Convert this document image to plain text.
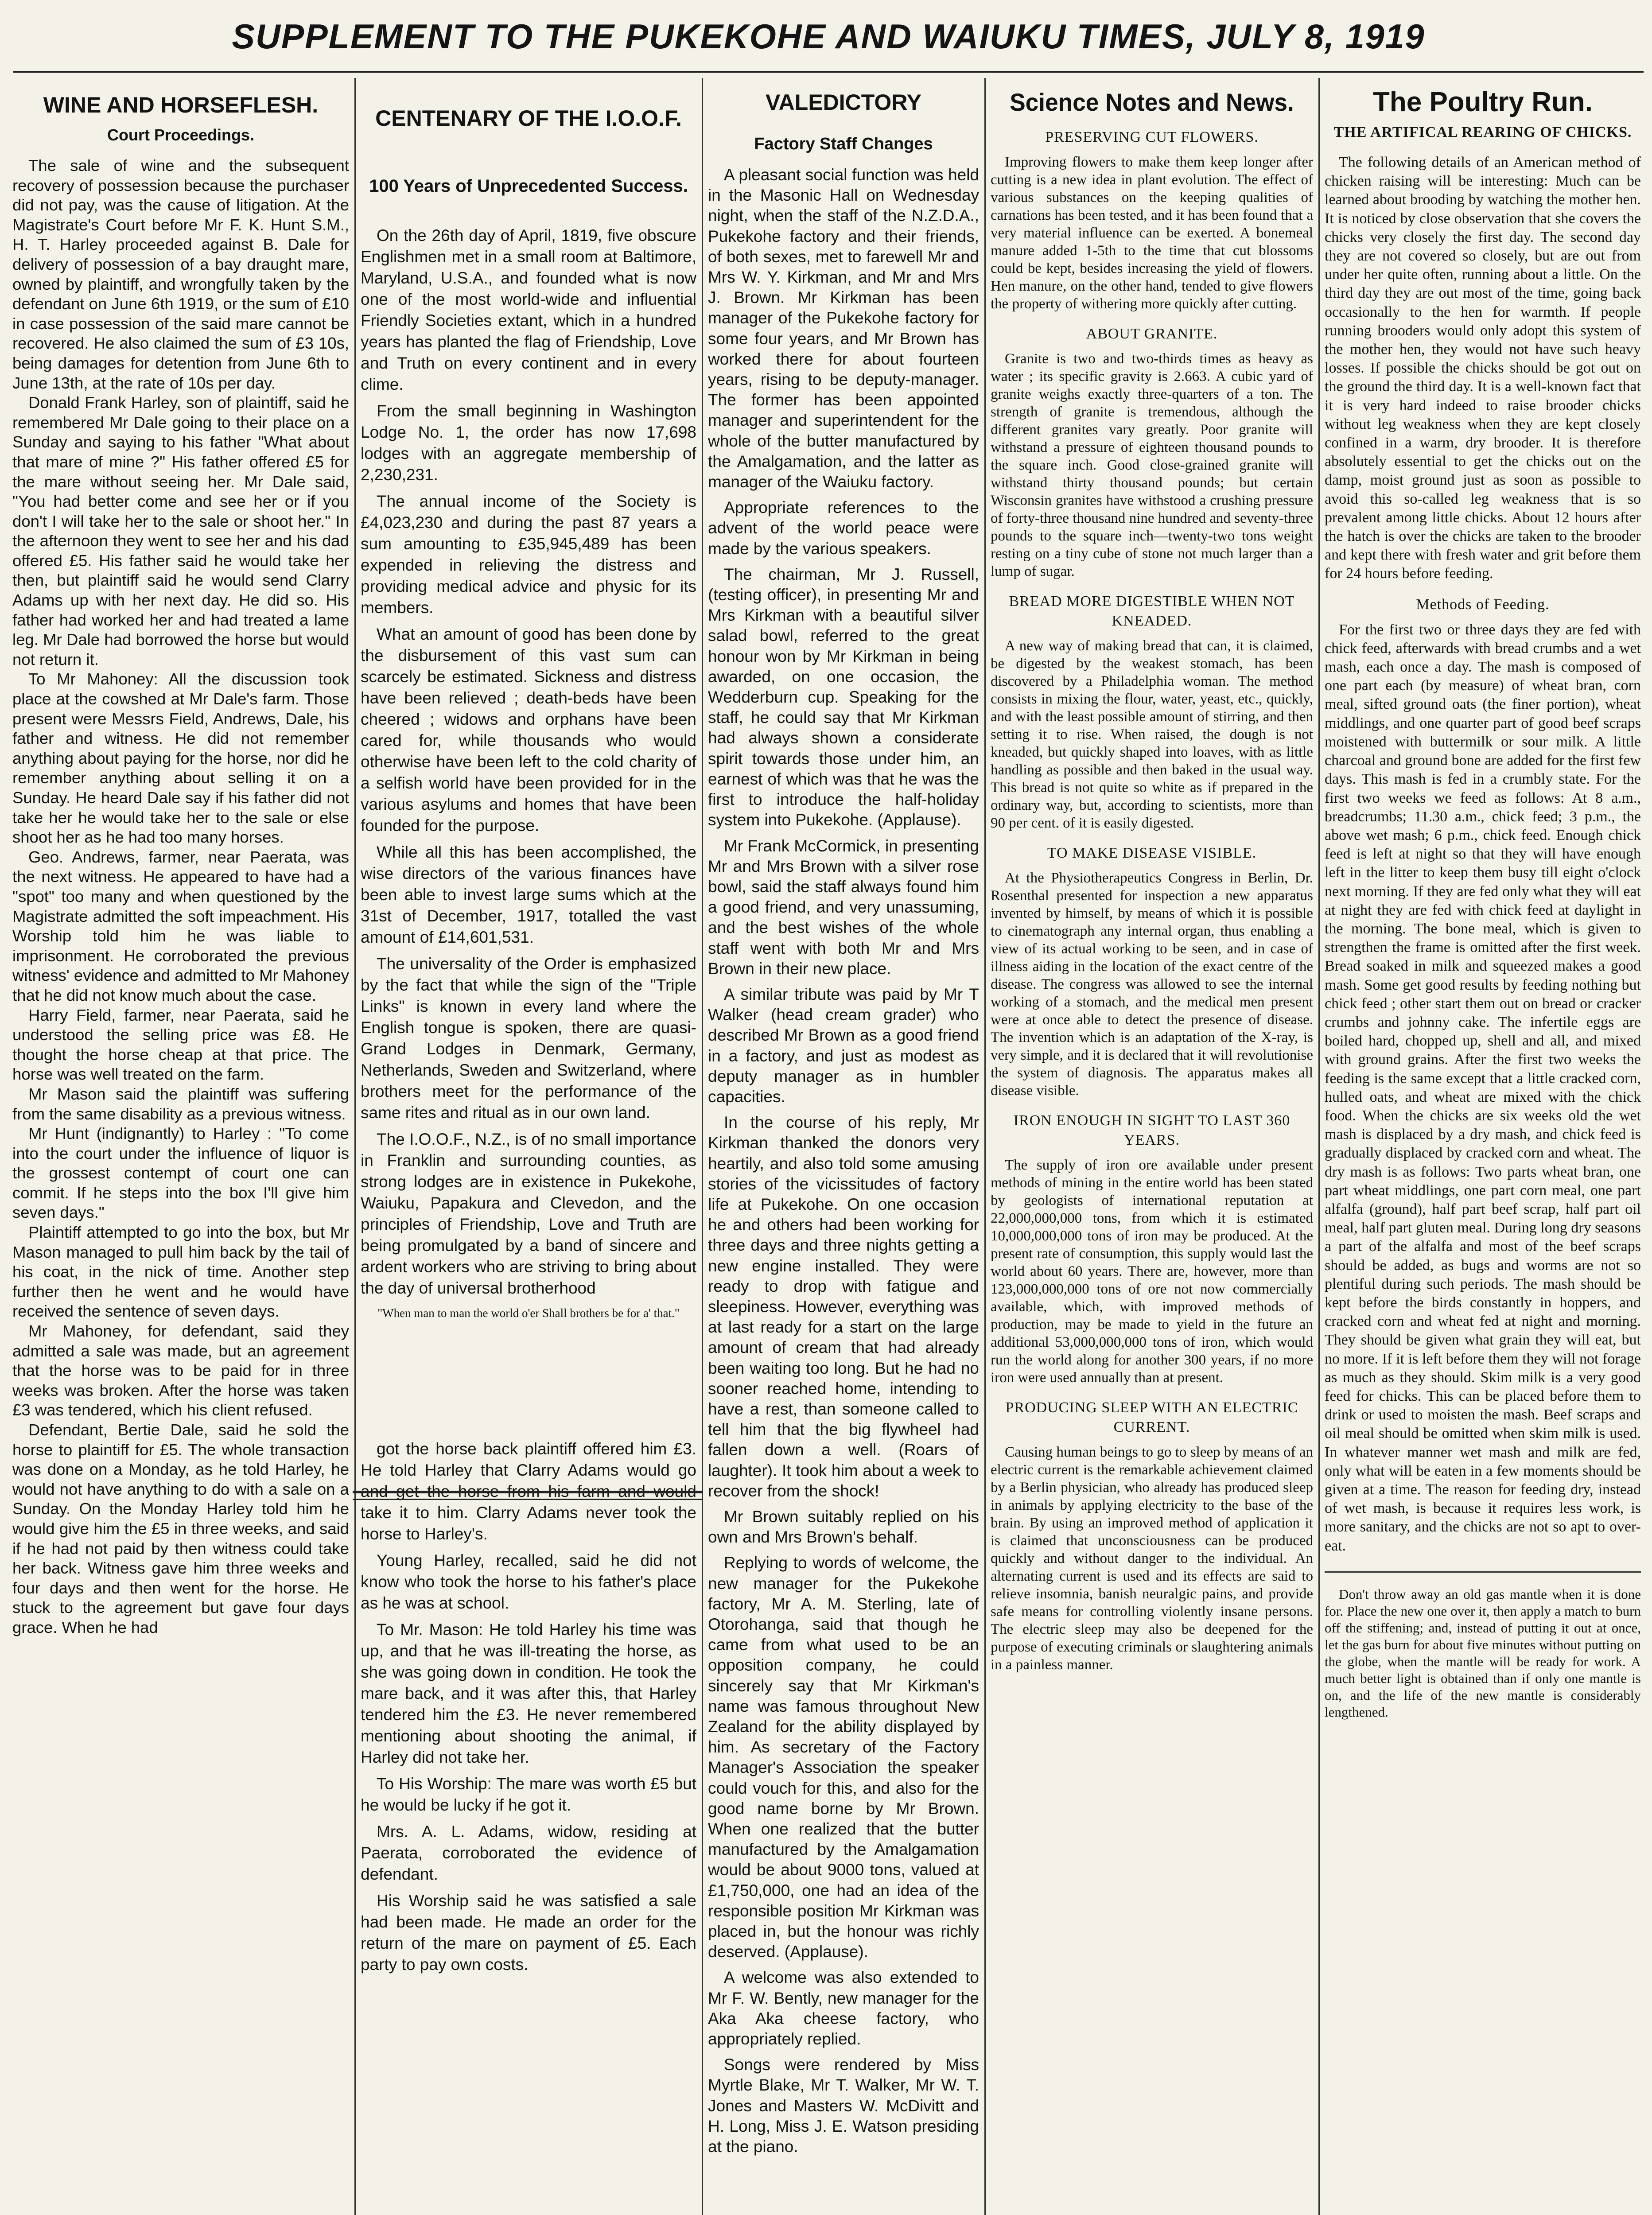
SUPPLEMENT TO THE PUKEKOHE AND WAIUKU TIMES, JULY 8, 1919
WINE AND HORSEFLESH.
Court Proceedings.

The sale of wine and the subsequent recovery of possession because the purchaser did not pay, was the cause of litigation. At the Magistrate's Court before Mr F. K. Hunt S.M., H. T. Harley proceeded against B. Dale for delivery of possession of a bay draught mare, owned by plaintiff, and wrongfully taken by the defendant on June 6th 1919, or the sum of £10 in case possession of the said mare cannot be recovered. He also claimed the sum of £3 10s, being damages for detention from June 6th to June 13th, at the rate of 10s per day.

Donald Frank Harley, son of plaintiff, said he remembered Mr Dale going to their place on a Sunday and saying to his father "What about that mare of mine ?" His father offered £5 for the mare without seeing her. Mr Dale said, "You had better come and see her or if you don't I will take her to the sale or shoot her." In the afternoon they went to see her and his dad offered £5. His father said he would take her then, but plaintiff said he would send Clarry Adams up with her next day. He did so. His father had worked her and had treated a lame leg. Mr Dale had borrowed the horse but would not return it.

To Mr Mahoney: All the discussion took place at the cowshed at Mr Dale's farm. Those present were Messrs Field, Andrews, Dale, his father and witness. He did not remember anything about paying for the horse, nor did he remember anything about selling it on a Sunday. He heard Dale say if his father did not take her he would take her to the sale or else shoot her as he had too many horses.

Geo. Andrews, farmer, near Paerata, was the next witness. He appeared to have had a "spot" too many and when questioned by the Magistrate admitted the soft impeachment. His Worship told him he was liable to imprisonment. He corroborated the previous witness' evidence and admitted to Mr Mahoney that he did not know much about the case.

Harry Field, farmer, near Paerata, said he understood the selling price was £8. He thought the horse cheap at that price. The horse was well treated on the farm.

Mr Mason said the plaintiff was suffering from the same disability as a previous witness.

Mr Hunt (indignantly) to Harley : "To come into the court under the influence of liquor is the grossest contempt of court one can commit. If he steps into the box I'll give him seven days."

Plaintiff attempted to go into the box, but Mr Mason managed to pull him back by the tail of his coat, in the nick of time. Another step further then he went and he would have received the sentence of seven days.

Mr Mahoney, for defendant, said they admitted a sale was made, but an agreement that the horse was to be paid for in three weeks was broken. After the horse was taken £3 was tendered, which his client refused.

Defendant, Bertie Dale, said he sold the horse to plaintiff for £5. The whole transaction was done on a Monday, as he told Harley, he would not have anything to do with a sale on a Sunday. On the Monday Harley told him he would give him the £5 in three weeks, and said if he had not paid by then witness could take her back. Witness gave him three weeks and four days and then went for the horse. He stuck to the agreement but gave four days grace. When he had

CENTENARY OF THE I.O.O.F.
100 Years of Unprecedented Success.

On the 26th day of April, 1819, five obscure Englishmen met in a small room at Baltimore, Maryland, U.S.A., and founded what is now one of the most world-wide and influential Friendly Societies extant, which in a hundred years has planted the flag of Friendship, Love and Truth on every continent and in every clime.

From the small beginning in Washington Lodge No. 1, the order has now 17,698 lodges with an aggregate membership of 2,230,231.

The annual income of the Society is £4,023,230 and during the past 87 years a sum amounting to £35,945,489 has been expended in relieving the distress and providing medical advice and physic for its members.

What an amount of good has been done by the disbursement of this vast sum can scarcely be estimated. Sickness and distress have been relieved ; death-beds have been cheered ; widows and orphans have been cared for, while thousands who would otherwise have been left to the cold charity of a selfish world have been provided for in the various asylums and homes that have been founded for the purpose.

While all this has been accomplished, the wise directors of the various finances have been able to invest large sums which at the 31st of December, 1917, totalled the vast amount of £14,601,531.

The universality of the Order is emphasized by the fact that while the sign of the "Triple Links" is known in every land where the English tongue is spoken, there are quasi-Grand Lodges in Denmark, Germany, Netherlands, Sweden and Switzerland, where brothers meet for the performance of the same rites and ritual as in our own land.

The I.O.O.F., N.Z., is of no small importance in Franklin and surrounding counties, as strong lodges are in existence in Pukekohe, Waiuku, Papakura and Clevedon, and the principles of Friendship, Love and Truth are being promulgated by a band of sincere and ardent workers who are striving to bring about the day of universal brotherhood

"When man to man the world o'er Shall brothers be for a' that."

got the horse back plaintiff offered him £3. He told Harley that Clarry Adams would go and get the horse from his farm and would take it to him. Clarry Adams never took the horse to Harley's.

Young Harley, recalled, said he did not know who took the horse to his father's place as he was at school.

To Mr. Mason: He told Harley his time was up, and that he was ill-treating the horse, as she was going down in condition. He took the mare back, and it was after this, that Harley tendered him the £3. He never remembered mentioning about shooting the animal, if Harley did not take her.

To His Worship: The mare was worth £5 but he would be lucky if he got it.

Mrs. A. L. Adams, widow, residing at Paerata, corroborated the evidence of defendant.

His Worship said he was satisfied a sale had been made. He made an order for the return of the mare on payment of £5. Each party to pay own costs.

VALEDICTORY
Factory Staff Changes

A pleasant social function was held in the Masonic Hall on Wednesday night, when the staff of the N.Z.D.A., Pukekohe factory and their friends, of both sexes, met to farewell Mr and Mrs W. Y. Kirkman, and Mr and Mrs J. Brown. Mr Kirkman has been manager of the Pukekohe factory for some four years, and Mr Brown has worked there for about fourteen years, rising to be deputy-manager. The former has been appointed manager and superintendent for the whole of the butter manufactured by the Amalgamation, and the latter as manager of the Waiuku factory.

Appropriate references to the advent of the world peace were made by the various speakers.

The chairman, Mr J. Russell, (testing officer), in presenting Mr and Mrs Kirkman with a beautiful silver salad bowl, referred to the great honour won by Mr Kirkman in being awarded, on one occasion, the Wedderburn cup. Speaking for the staff, he could say that Mr Kirkman had always shown a considerate spirit towards those under him, an earnest of which was that he was the first to introduce the half-holiday system into Pukekohe. (Applause).

Mr Frank McCormick, in presenting Mr and Mrs Brown with a silver rose bowl, said the staff always found him a good friend, and very unassuming, and the best wishes of the whole staff went with both Mr and Mrs Brown in their new place.

A similar tribute was paid by Mr T Walker (head cream grader) who described Mr Brown as a good friend in a factory, and just as modest as deputy manager as in humbler capacities.

In the course of his reply, Mr Kirkman thanked the donors very heartily, and also told some amusing stories of the vicissitudes of factory life at Pukekohe. On one occasion he and others had been working for three days and three nights getting a new engine installed. They were ready to drop with fatigue and sleepiness. However, everything was at last ready for a start on the large amount of cream that had already been waiting too long. But he had no sooner reached home, intending to have a rest, than someone called to tell him that the big flywheel had fallen down a well. (Roars of laughter). It took him about a week to recover from the shock!

Mr Brown suitably replied on his own and Mrs Brown's behalf.

Replying to words of welcome, the new manager for the Pukekohe factory, Mr A. M. Sterling, late of Otorohanga, said that though he came from what used to be an opposition company, he could sincerely say that Mr Kirkman's name was famous throughout New Zealand for the ability displayed by him. As secretary of the Factory Manager's Association the speaker could vouch for this, and also for the good name borne by Mr Brown. When one realized that the butter manufactured by the Amalgamation would be about 9000 tons, valued at £1,750,000, one had an idea of the responsible position Mr Kirkman was placed in, but the honour was richly deserved. (Applause).

A welcome was also extended to Mr F. W. Bently, new manager for the Aka Aka cheese factory, who appropriately replied.

Songs were rendered by Miss Myrtle Blake, Mr T. Walker, Mr W. T. Jones and Masters W. McDivitt and H. Long, Miss J. E. Watson presiding at the piano.

Science Notes and News.
PRESERVING CUT FLOWERS.

Improving flowers to make them keep longer after cutting is a new idea in plant evolution. The effect of various substances on the keeping qualities of carnations has been tested, and it has been found that a very material influence can be exerted. A bonemeal manure added 1-5th to the time that cut blossoms could be kept, besides increasing the yield of flowers. Hen manure, on the other hand, tended to give flowers the property of withering more quickly after cutting.

ABOUT GRANITE.

Granite is two and two-thirds times as heavy as water ; its specific gravity is 2.663. A cubic yard of granite weighs exactly three-quarters of a ton. The strength of granite is tremendous, although the different granites vary greatly. Poor granite will withstand a pressure of eighteen thousand pounds to the square inch. Good close-grained granite will withstand thirty thousand pounds; but certain Wisconsin granites have withstood a crushing pressure of forty-three thousand nine hundred and seventy-three pounds to the square inch—twenty-two tons weight resting on a tiny cube of stone not much larger than a lump of sugar.

BREAD MORE DIGESTIBLE WHEN NOT KNEADED.

A new way of making bread that can, it is claimed, be digested by the weakest stomach, has been discovered by a Philadelphia woman. The method consists in mixing the flour, water, yeast, etc., quickly, and with the least possible amount of stirring, and then setting it to rise. When raised, the dough is not kneaded, but quickly shaped into loaves, with as little handling as possible and then baked in the usual way. This bread is not quite so white as if prepared in the ordinary way, but, according to scientists, more than 90 per cent. of it is easily digested.

TO MAKE DISEASE VISIBLE.

At the Physiotherapeutics Congress in Berlin, Dr. Rosenthal presented for inspection a new apparatus invented by himself, by means of which it is possible to cinematograph any internal organ, thus enabling a view of its actual working to be seen, and in case of illness aiding in the location of the exact centre of the disease. The congress was allowed to see the internal working of a stomach, and the medical men present were at once able to detect the presence of disease. The invention which is an adaptation of the X-ray, is very simple, and it is declared that it will revolutionise the system of diagnosis. The apparatus makes all disease visible.

IRON ENOUGH IN SIGHT TO LAST 360 YEARS.

The supply of iron ore available under present methods of mining in the entire world has been stated by geologists of international reputation at 22,000,000,000 tons, from which it is estimated 10,000,000,000 tons of iron may be produced. At the present rate of consumption, this supply would last the world about 60 years. There are, however, more than 123,000,000,000 tons of ore not now commercially available, which, with improved methods of production, may be made to yield in the future an additional 53,000,000,000 tons of iron, which would run the world along for another 300 years, if no more iron were used annually than at present.

PRODUCING SLEEP WITH AN ELECTRIC CURRENT.

Causing human beings to go to sleep by means of an electric current is the remarkable achievement claimed by a Berlin physician, who already has produced sleep in animals by applying electricity to the base of the brain. By using an improved method of application it is claimed that unconsciousness can be produced quickly and without danger to the individual. An alternating current is used and its effects are said to relieve insomnia, banish neuralgic pains, and provide safe means for controlling violently insane persons. The electric sleep may also be deepened for the purpose of executing criminals or slaughtering animals in a painless manner.

The Poultry Run.
THE ARTIFICAL REARING OF CHICKS.

The following details of an American method of chicken raising will be interesting: Much can be learned about brooding by watching the mother hen. It is noticed by close observation that she covers the chicks very closely the first day. The second day they are not covered so closely, but are out from under her quite often, running about a little. On the third day they are out most of the time, going back occasionally to the hen for warmth. If people running brooders would only adopt this system of the mother hen, they would not have such heavy losses. If possible the chicks should be got out on the ground the third day. It is a well-known fact that it is very hard indeed to raise brooder chicks without leg weakness when they are kept closely confined in a warm, dry brooder. It is therefore absolutely essential to get the chicks out on the damp, moist ground just as soon as possible to avoid this so-called leg weakness that is so prevalent among little chicks. About 12 hours after the hatch is over the chicks are taken to the brooder and kept there with fresh water and grit before them for 24 hours before feeding.

Methods of Feeding.

For the first two or three days they are fed with chick feed, afterwards with bread crumbs and a wet mash, each once a day. The mash is composed of one part each (by measure) of wheat bran, corn meal, sifted ground oats (the finer portion), wheat middlings, and one quarter part of good beef scraps moistened with buttermilk or sour milk. A little charcoal and ground bone are added for the first few days. This mash is fed in a crumbly state. For the first two weeks we feed as follows: At 8 a.m., breadcrumbs; 11.30 a.m., chick feed; 3 p.m., the above wet mash; 6 p.m., chick feed. Enough chick feed is left at night so that they will have enough left in the litter to keep them busy till eight o'clock next morning. If they are fed only what they will eat at night they are fed with chick feed at daylight in the morning. The bone meal, which is given to strengthen the frame is omitted after the first week. Bread soaked in milk and squeezed makes a good mash. Some get good results by feeding nothing but chick feed ; other start them out on bread or cracker crumbs and johnny cake. The infertile eggs are boiled hard, chopped up, shell and all, and mixed with ground grains. After the first two weeks the feeding is the same except that a little cracked corn, hulled oats, and wheat are mixed with the chick food. When the chicks are six weeks old the wet mash is displaced by a dry mash, and chick feed is gradually displaced by cracked corn and wheat. The dry mash is as follows: Two parts wheat bran, one part wheat middlings, one part corn meal, one part alfalfa (ground), half part beef scrap, half part oil meal, half part gluten meal. During long dry seasons a part of the alfalfa and most of the beef scraps should be added, as bugs and worms are not so plentiful during such periods. The mash should be kept before the birds constantly in hoppers, and cracked corn and wheat fed at night and morning. They should be given what grain they will eat, but no more. If it is left before them they will not forage as much as they should. Skim milk is a very good feed for chicks. This can be placed before them to drink or used to moisten the mash. Beef scraps and oil meal should be omitted when skim milk is used. In whatever manner wet mash and milk are fed, only what will be eaten in a few moments should be given at a time. The reason for feeding dry, instead of wet mash, is because it requires less work, is more sanitary, and the chicks are not so apt to over-eat.

Don't throw away an old gas mantle when it is done for. Place the new one over it, then apply a match to burn off the stiffening; and, instead of putting it out at once, let the gas burn for about five minutes without putting on the globe, when the mantle will be ready for work. A much better light is obtained than if only one mantle is on, and the life of the new mantle is considerably lengthened.
